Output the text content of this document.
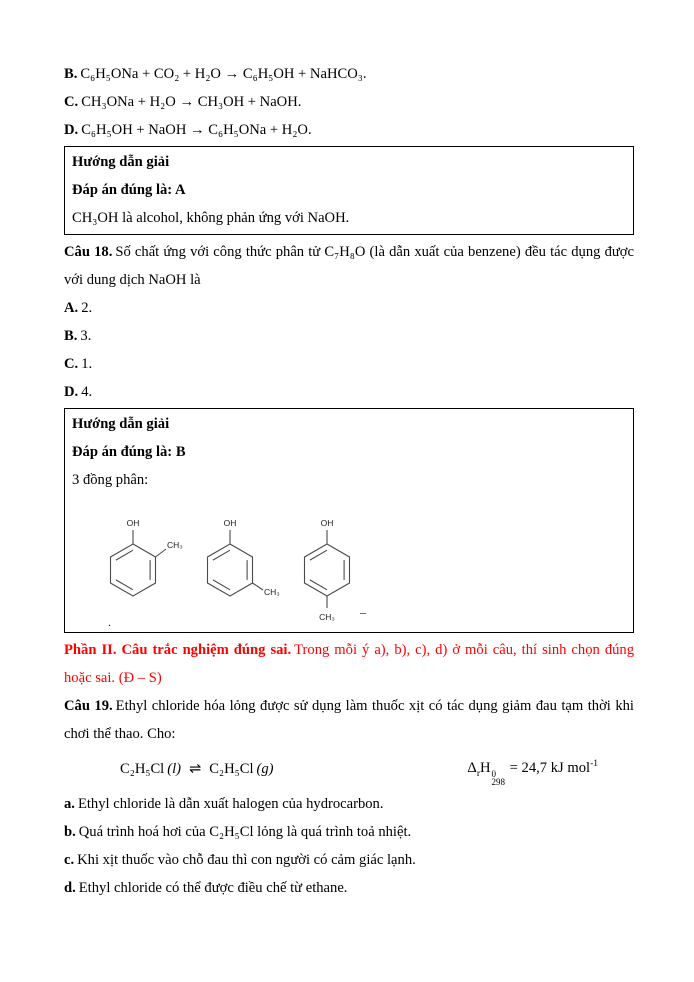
B. C₆H₅ONa + CO₂ + H₂O → C₆H₅OH + NaHCO₃.

C. CH₃ONa + H₂O → CH₃OH + NaOH.

D. C₆H₅OH + NaOH → C₆H₅ONa + H₂O.

Hướng dẫn giải

Đáp án đúng là: A

CH₃OH là alcohol, không phản ứng với NaOH.

Câu 18. Số chất ứng với công thức phân tử C₇H₈O (là dẫn xuất của benzene) đều tác dụng được với dung dịch NaOH là

A. 2.

B. 3.

C. 1.

D. 4.

Hướng dẫn giải

Đáp án đúng là: B

3 đồng phân:

OH
CH₃
OH
CH₃
OH
CH₃
.
–

Phần II. Câu trắc nghiệm đúng sai. Trong mỗi ý a), b), c), d) ở mỗi câu, thí sinh chọn đúng hoặc sai. (Đ – S)

Câu 19. Ethyl chloride hóa lỏng được sử dụng làm thuốc xịt có tác dụng giảm đau tạm thời khi chơi thể thao. Cho:

C₂H₅Cl (l) ⇌ C₂H₅Cl (g)	$\Delta_rH$ 0
298
= 24,7 kJ mol$^{-1}$

a. Ethyl chloride là dẫn xuất halogen của hydrocarbon.

b. Quá trình hoá hơi của C₂H₅Cl lỏng là quá trình toả nhiệt.

c. Khi xịt thuốc vào chỗ đau thì con người có cảm giác lạnh.

d. Ethyl chloride có thể được điều chế từ ethane.
